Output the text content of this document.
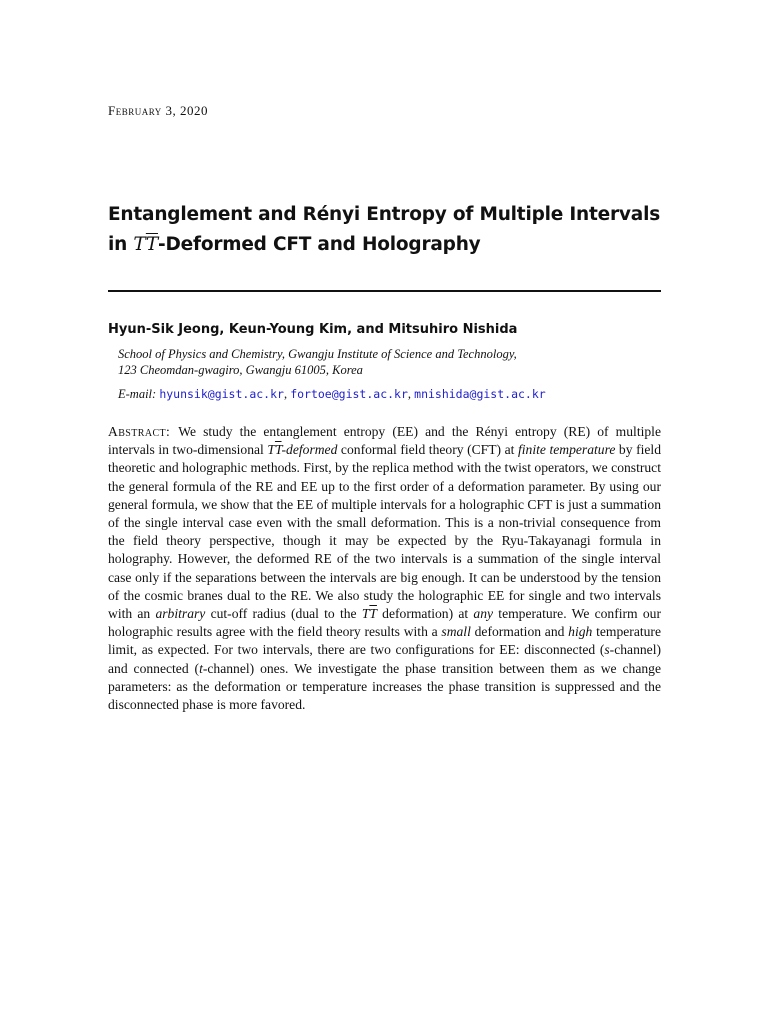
February 3, 2020
Entanglement and Rényi Entropy of Multiple Intervals
in $T\overline{T}$-Deformed CFT and Holography
Hyun-Sik Jeong, Keun-Young Kim, and Mitsuhiro Nishida
School of Physics and Chemistry, Gwangju Institute of Science and Technology,
123 Cheomdan-gwagiro, Gwangju 61005, Korea
E-mail: hyunsik@gist.ac.kr, fortoe@gist.ac.kr, mnishida@gist.ac.kr
Abstract: We study the entanglement entropy (EE) and the Rényi entropy (RE) of multiple intervals in two-dimensional $T\overline{T}$-deformed conformal field theory (CFT) at finite temperature by field theoretic and holographic methods. First, by the replica method with the twist operators, we construct the general formula of the RE and EE up to the first order of a deformation parameter. By using our general formula, we show that the EE of multiple intervals for a holographic CFT is just a summation of the single interval case even with the small deformation. This is a non-trivial consequence from the field theory perspective, though it may be expected by the Ryu-Takayanagi formula in holography. However, the deformed RE of the two intervals is a summation of the single interval case only if the separations between the intervals are big enough. It can be understood by the tension of the cosmic branes dual to the RE. We also study the holographic EE for single and two intervals with an arbitrary cut-off radius (dual to the $T\overline{T}$ deformation) at any temperature. We confirm our holographic results agree with the field theory results with a small deformation and high temperature limit, as expected. For two intervals, there are two configurations for EE: disconnected (s-channel) and connected (t-channel) ones. We investigate the phase transition between them as we change parameters: as the deformation or temperature increases the phase transition is suppressed and the disconnected phase is more favored.
